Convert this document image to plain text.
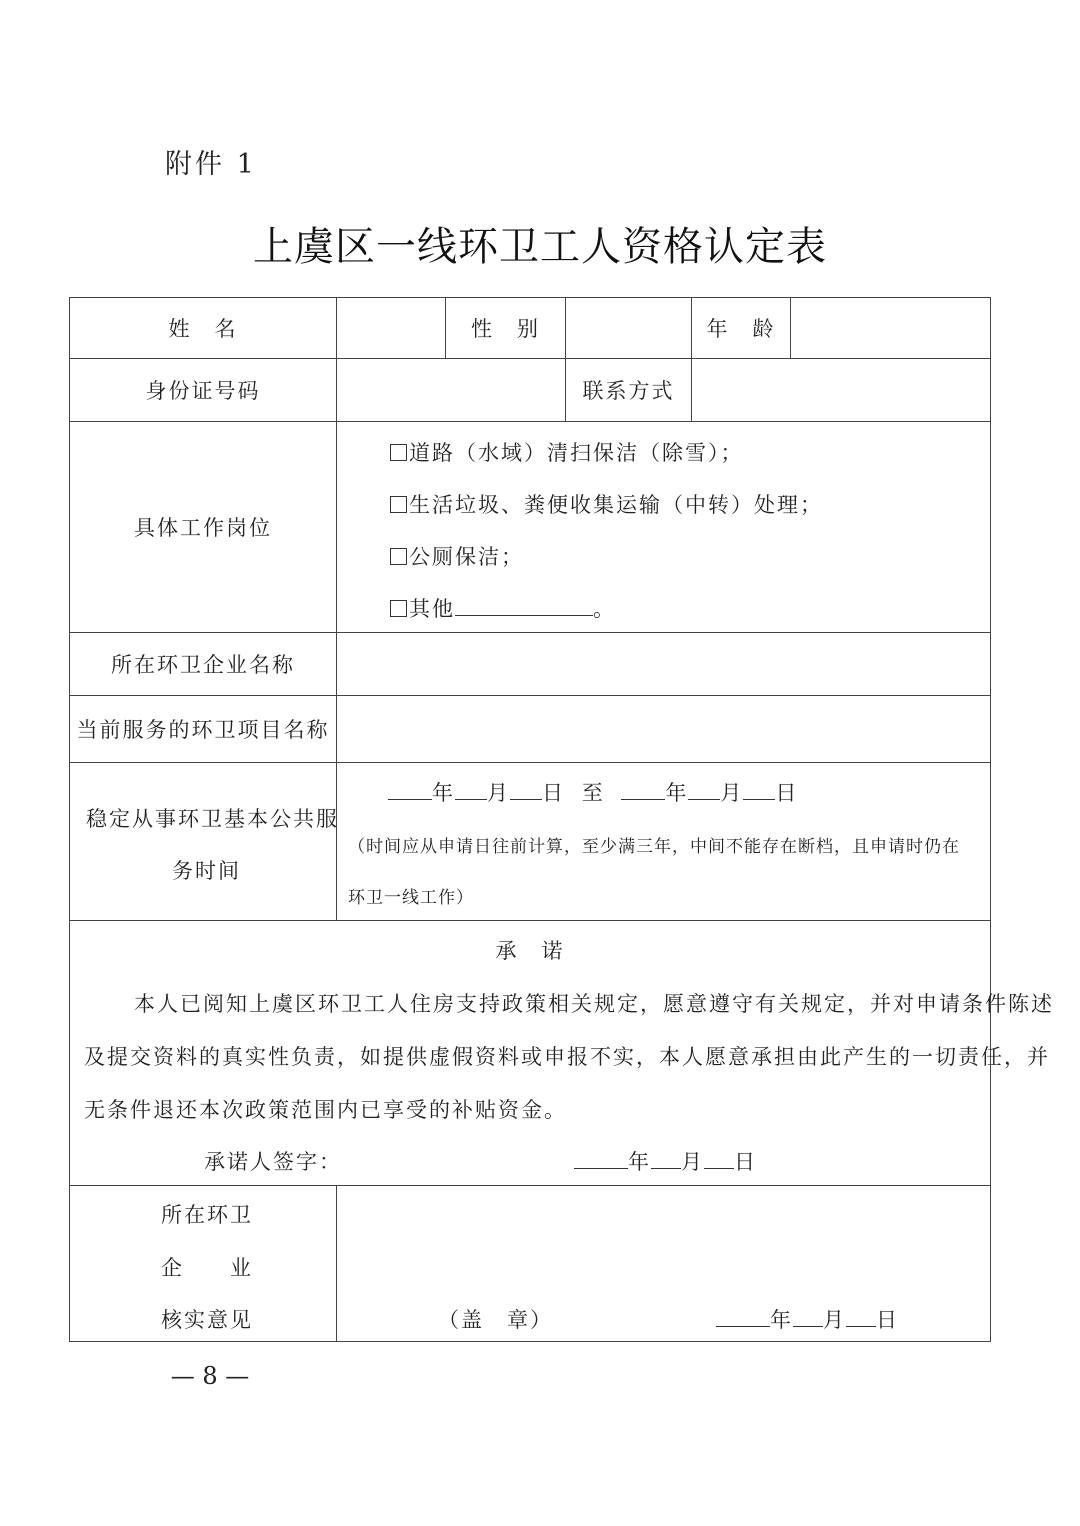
附件 1
上虞区一线环卫工人资格认定表
姓　名	性　别	年　龄
身份证号码	联系方式
具体工作岗位
道路（水域）清扫保洁（除雪）；
生活垃圾、粪便收集运输（中转）处理；
公厕保洁；
其他	。
所在环卫企业名称
当前服务的环卫项目名称
稳定从事环卫基本公共服
务时间
年 月 日 至	年 月 日
（时间应从申请日往前计算，至少满三年，中间不能存在断档，且申请时仍在
环卫一线工作）
承　诺
本人已阅知上虞区环卫工人住房支持政策相关规定，愿意遵守有关规定，并对申请条件陈述
及提交资料的真实性负责，如提供虚假资料或申报不实，本人愿意承担由此产生的一切责任，并
无条件退还本次政策范围内已享受的补贴资金。
承诺人签字：	年 月 日
所在环卫
企　　业
核实意见	（盖　章）	年 月 日
— 8 —
